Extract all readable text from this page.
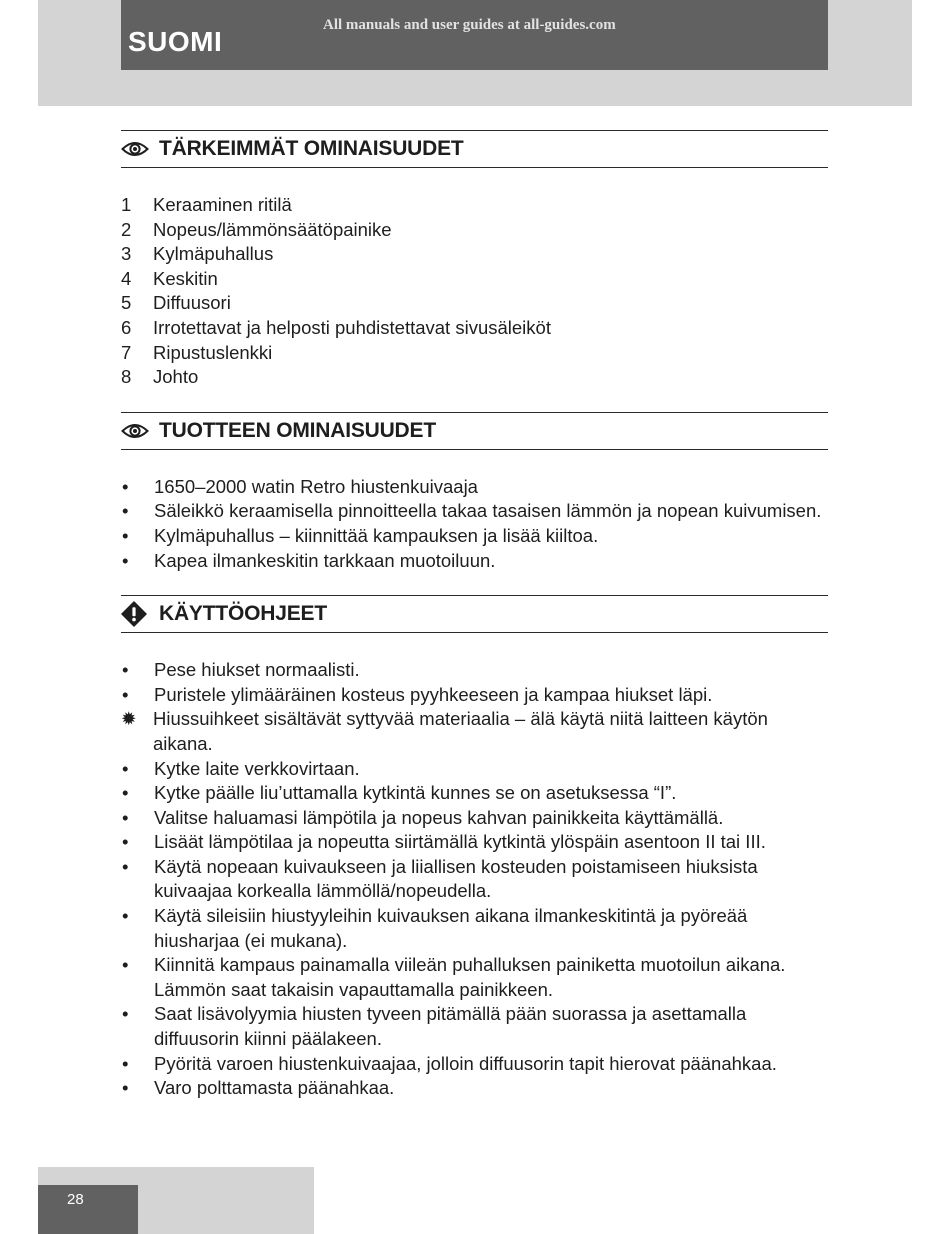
SUOMI
All manuals and user guides at all-guides.com
TÄRKEIMMÄT OMINAISUUDET
1	Keraaminen ritilä
2	Nopeus/lämmönsäätöpainike
3	Kylmäpuhallus
4	Keskitin
5	Diffuusori
6	Irrotettavat ja helposti puhdistettavat sivusäleiköt
7	Ripustuslenkki
8	Johto
TUOTTEEN OMINAISUUDET
•	1650–2000 watin Retro hiustenkuivaaja
•	Säleikkö keraamisella pinnoitteella takaa tasaisen lämmön ja nopean kuivumisen.
•	Kylmäpuhallus – kiinnittää kampauksen ja lisää kiiltoa.
•	Kapea ilmankeskitin tarkkaan muotoiluun.
KÄYTTÖOHJEET
•	Pese hiukset normaalisti.
•	Puristele ylimääräinen kosteus pyyhkeeseen ja kampaa hiukset läpi.
✹ Hiussuihkeet sisältävät syttyvää materiaalia – älä käytä niitä laitteen käytön aikana.
•	Kytke laite verkkovirtaan.
•	Kytke päälle liu’uttamalla kytkintä kunnes se on asetuksessa “I”.
•	Valitse haluamasi lämpötila ja nopeus kahvan painikkeita käyttämällä.
•	Lisäät lämpötilaa ja nopeutta siirtämällä kytkintä ylöspäin asentoon II tai III.
•	Käytä nopeaan kuivaukseen ja liiallisen kosteuden poistamiseen hiuksista kuivaajaa korkealla lämmöllä/nopeudella.
•	Käytä sileisiin hiustyyleihin kuivauksen aikana ilmankeskitintä ja pyöreää hiusharjaa (ei mukana).
•	Kiinnitä kampaus painamalla viileän puhalluksen painiketta muotoilun aikana. Lämmön saat takaisin vapauttamalla painikkeen.
•	Saat lisävolyymia hiusten tyveen pitämällä pään suorassa ja asettamalla diffuusorin kiinni päälakeen.
•	Pyöritä varoen hiustenkuivaajaa, jolloin diffuusorin tapit hierovat päänahkaa.
•	Varo polttamasta päänahkaa.
28
